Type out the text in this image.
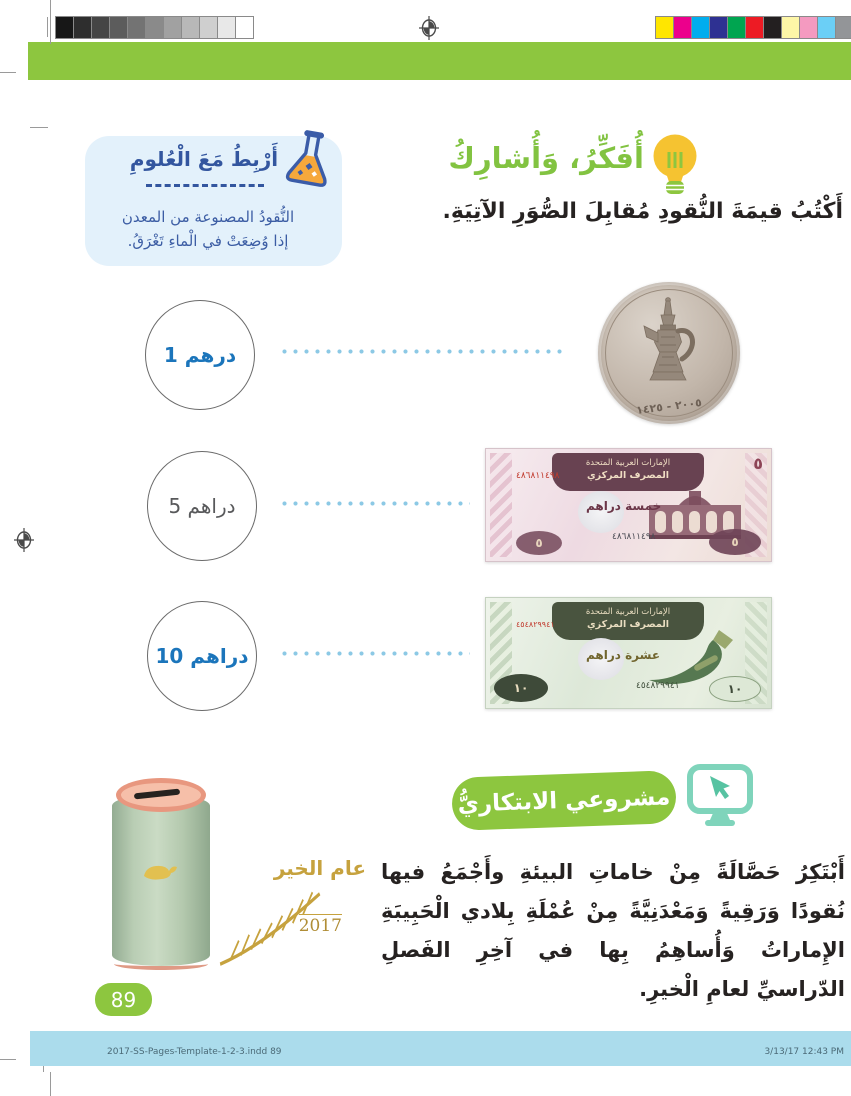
أُفَكِّرُ، وَأُشارِكُ
أَكْتُبُ قيمَةَ النُّقودِ مُقابِلَ الصُّوَرِ الآتِيَةِ.
أَرْبِطُ مَعَ الْعُلومِ
النُّقودُ المصنوعة من المعدن
إذا وُضِعَتْ في الْماءِ تَغْرَقُ.
1 درهم
٢٠٠٥ - ١٤٢٥
5 دراهم
الإمارات العربية المتحدة
المصرف المركزي
٤٨٦٨١١٤٩٨
خمسة دراهم
٤٨٦٨١١٤٩٨
٥
٥	٥
10 دراهم
الإمارات العربية المتحدة
المصرف المركزي
٤٥٤٨٢٩٩٤١
عشرة دراهم
٤٥٤٨٢٩٩٤١
١٠	١٠
مشروعي الابتكاريُّ
أَبْتَكِرُ حَصَّالَةً مِنْ خاماتِ البيئةِ وأَجْمَعُ فيها نُقودًا وَرَقِيةً وَمَعْدَنِيَّةً مِنْ عُمْلَةِ بِلادي الْحَبِيبَةِ الإِماراتُ وَأُساهِمُ بِها في آخِرِ الفَصلِ الدّراسيِّ لعامِ الْخيرِ.
عام الخير
2017
89
2017-SS-Pages-Template-1-2-3.indd 89	3/13/17 12:43 PM
